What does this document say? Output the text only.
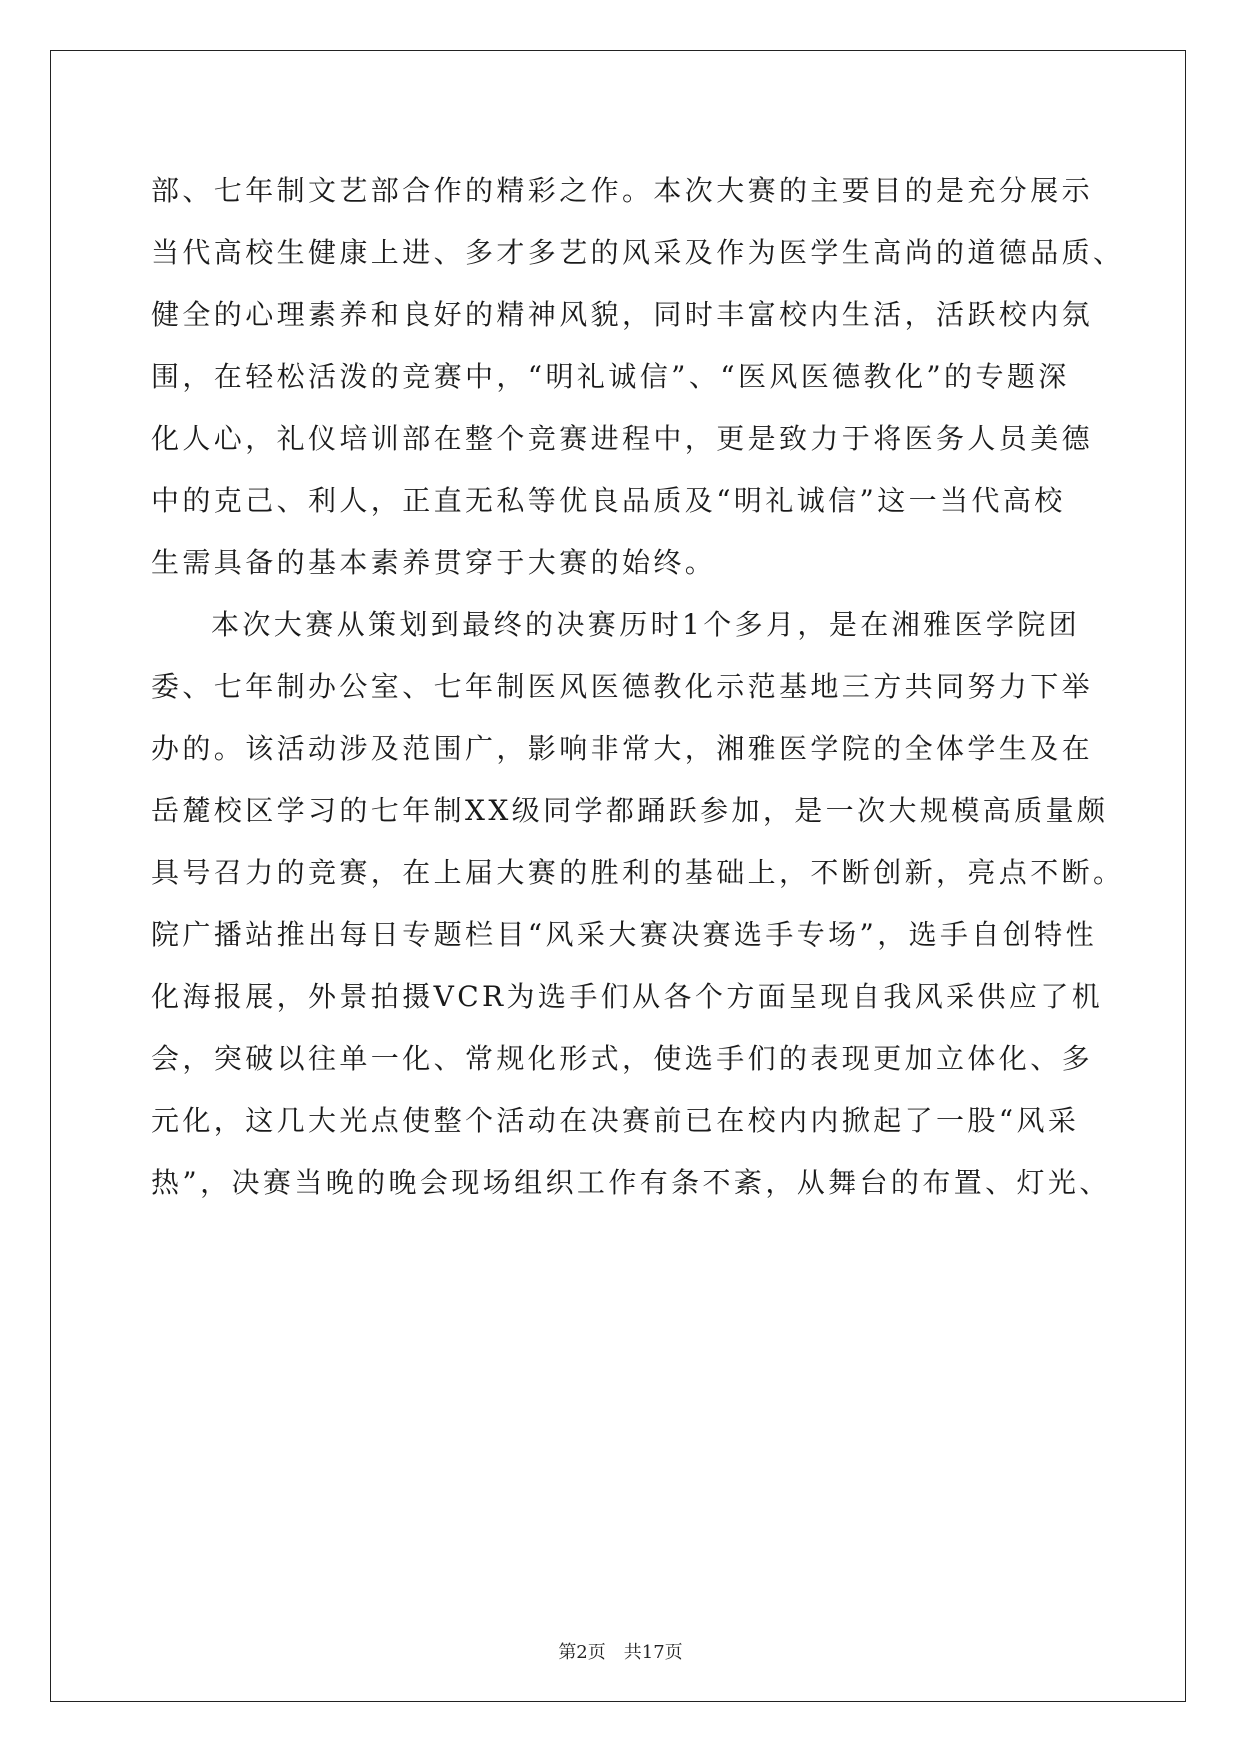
部、七年制文艺部合作的精彩之作。本次大赛的主要目的是充分展示
当代高校生健康上进、多才多艺的风采及作为医学生高尚的道德品质、
健全的心理素养和良好的精神风貌，同时丰富校内生活，活跃校内氛
围，在轻松活泼的竞赛中，“明礼诚信”、“医风医德教化”的专题深
化人心，礼仪培训部在整个竞赛进程中，更是致力于将医务人员美德
中的克己、利人，正直无私等优良品质及“明礼诚信”这一当代高校
生需具备的基本素养贯穿于大赛的始终。
本次大赛从策划到最终的决赛历时1个多月，是在湘雅医学院团
委、七年制办公室、七年制医风医德教化示范基地三方共同努力下举
办的。该活动涉及范围广，影响非常大，湘雅医学院的全体学生及在
岳麓校区学习的七年制XX级同学都踊跃参加，是一次大规模高质量颇
具号召力的竞赛，在上届大赛的胜利的基础上，不断创新，亮点不断。
院广播站推出每日专题栏目“风采大赛决赛选手专场”，选手自创特性
化海报展，外景拍摄VCR为选手们从各个方面呈现自我风采供应了机
会，突破以往单一化、常规化形式，使选手们的表现更加立体化、多
元化，这几大光点使整个活动在决赛前已在校内内掀起了一股“风采
热”，决赛当晚的晚会现场组织工作有条不紊，从舞台的布置、灯光、
第2页 共17页
